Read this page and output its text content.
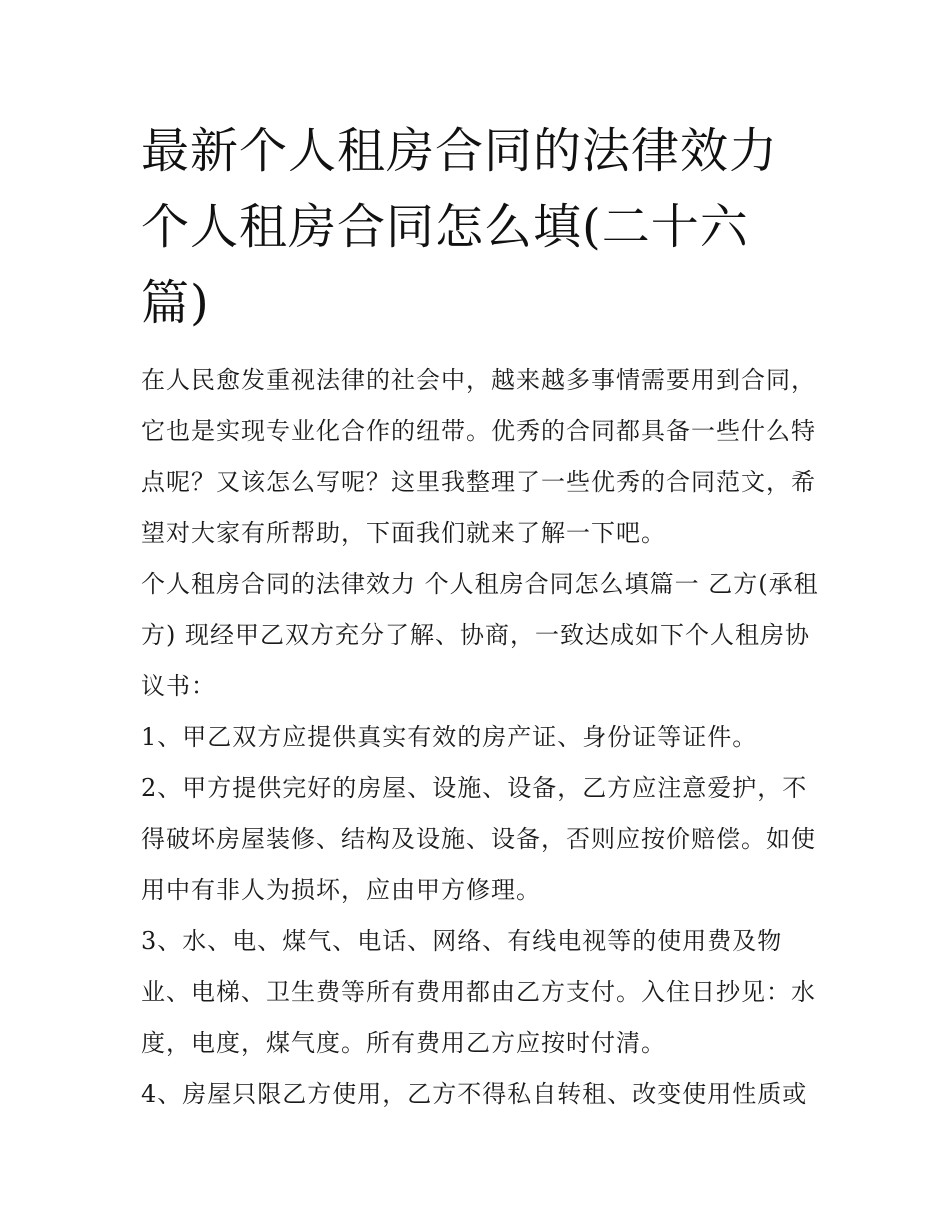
最新个人租房合同的法律效力
个人租房合同怎么填(二十六
篇)

在人民愈发重视法律的社会中，越来越多事情需要用到合同，
它也是实现专业化合作的纽带。优秀的合同都具备一些什么特
点呢？又该怎么写呢？这里我整理了一些优秀的合同范文，希
望对大家有所帮助，下面我们就来了解一下吧。

个人租房合同的法律效力 个人租房合同怎么填篇一 乙方(承租
方) 现经甲乙双方充分了解、协商，一致达成如下个人租房协
议书：

1、甲乙双方应提供真实有效的房产证、身份证等证件。

2、甲方提供完好的房屋、设施、设备，乙方应注意爱护，不
得破坏房屋装修、结构及设施、设备，否则应按价赔偿。如使
用中有非人为损坏，应由甲方修理。

3、水、电、煤气、电话、网络、有线电视等的使用费及物
业、电梯、卫生费等所有费用都由乙方支付。入住日抄见：水
度，电度，煤气度。所有费用乙方应按时付清。

4、房屋只限乙方使用，乙方不得私自转租、改变使用性质或
